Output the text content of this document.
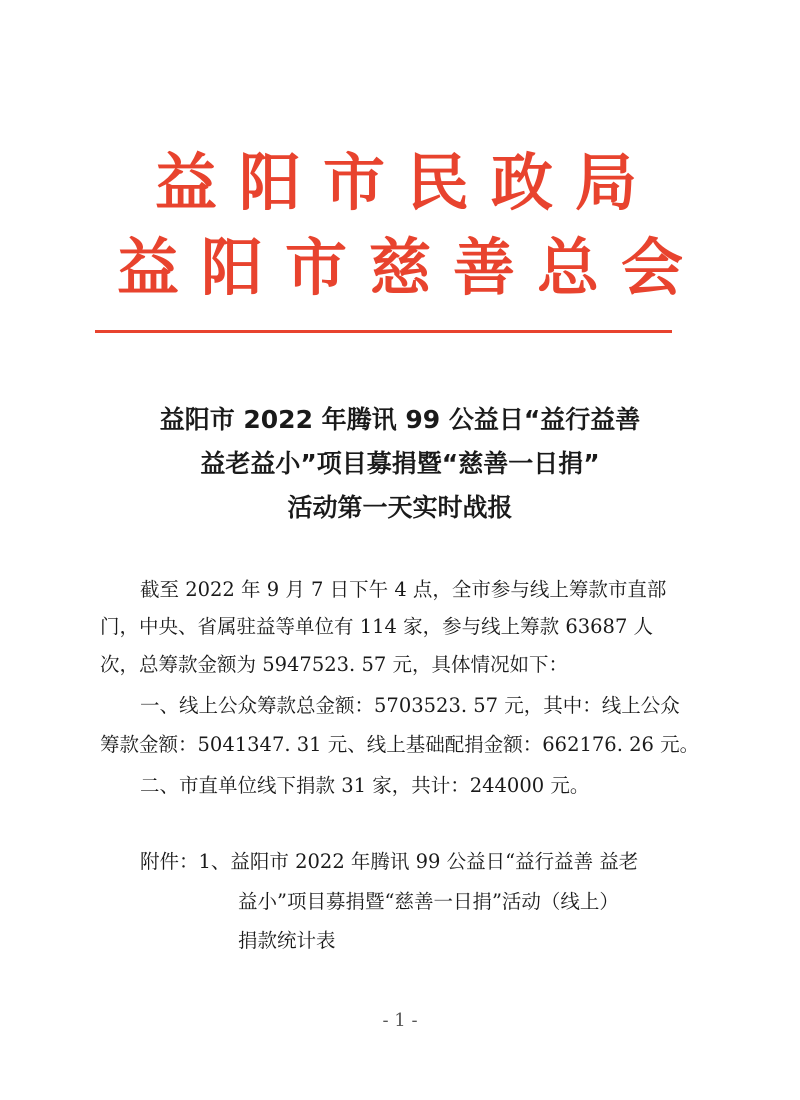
益阳市民政局
益阳市慈善总会
益阳市 2022 年腾讯 99 公益日“益行益善
益老益小”项目募捐暨“慈善一日捐”
活动第一天实时战报
截至 2022 年 9 月 7 日下午 4 点，全市参与线上筹款市直部
门，中央、省属驻益等单位有 114 家，参与线上筹款 63687 人
次，总筹款金额为 5947523. 57 元，具体情况如下：
一、线上公众筹款总金额：5703523. 57 元，其中：线上公众
筹款金额：5041347. 31 元、线上基础配捐金额：662176. 26 元。
二、市直单位线下捐款 31 家，共计：244000 元。
附件：1、益阳市 2022 年腾讯 99 公益日“益行益善 益老
益小”项目募捐暨“慈善一日捐”活动（线上）
捐款统计表
- 1 -
